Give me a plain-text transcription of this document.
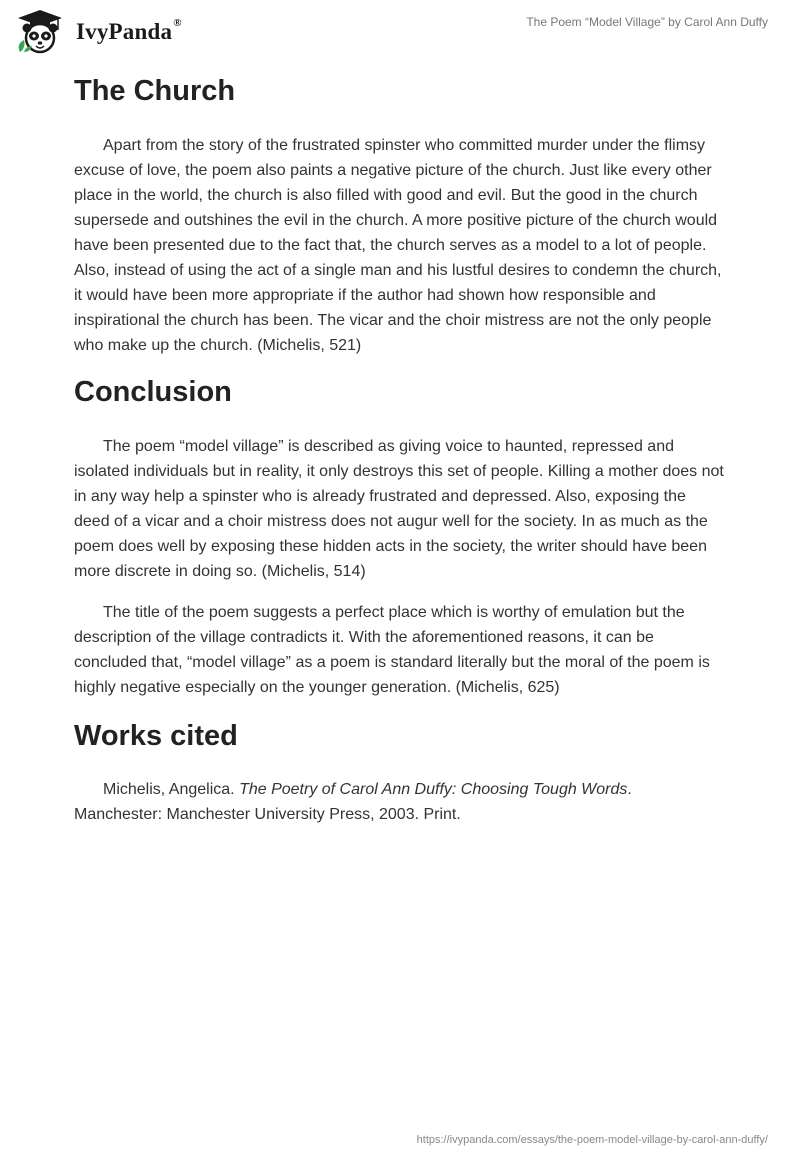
IvyPanda®	The Poem “Model Village” by Carol Ann Duffy
The Church

Apart from the story of the frustrated spinster who committed murder under the flimsy excuse of love, the poem also paints a negative picture of the church. Just like every other place in the world, the church is also filled with good and evil. But the good in the church supersede and outshines the evil in the church. A more positive picture of the church would have been presented due to the fact that, the church serves as a model to a lot of people. Also, instead of using the act of a single man and his lustful desires to condemn the church, it would have been more appropriate if the author had shown how responsible and inspirational the church has been. The vicar and the choir mistress are not the only people who make up the church. (Michelis, 521)

Conclusion

The poem “model village” is described as giving voice to haunted, repressed and isolated individuals but in reality, it only destroys this set of people. Killing a mother does not in any way help a spinster who is already frustrated and depressed. Also, exposing the deed of a vicar and a choir mistress does not augur well for the society. In as much as the poem does well by exposing these hidden acts in the society, the writer should have been more discrete in doing so. (Michelis, 514)

The title of the poem suggests a perfect place which is worthy of emulation but the description of the village contradicts it. With the aforementioned reasons, it can be concluded that, “model village” as a poem is standard literally but the moral of the poem is highly negative especially on the younger generation. (Michelis, 625)

Works cited

Michelis, Angelica. The Poetry of Carol Ann Duffy: Choosing Tough Words. Manchester: Manchester University Press, 2003. Print.

https://ivypanda.com/essays/the-poem-model-village-by-carol-ann-duffy/
